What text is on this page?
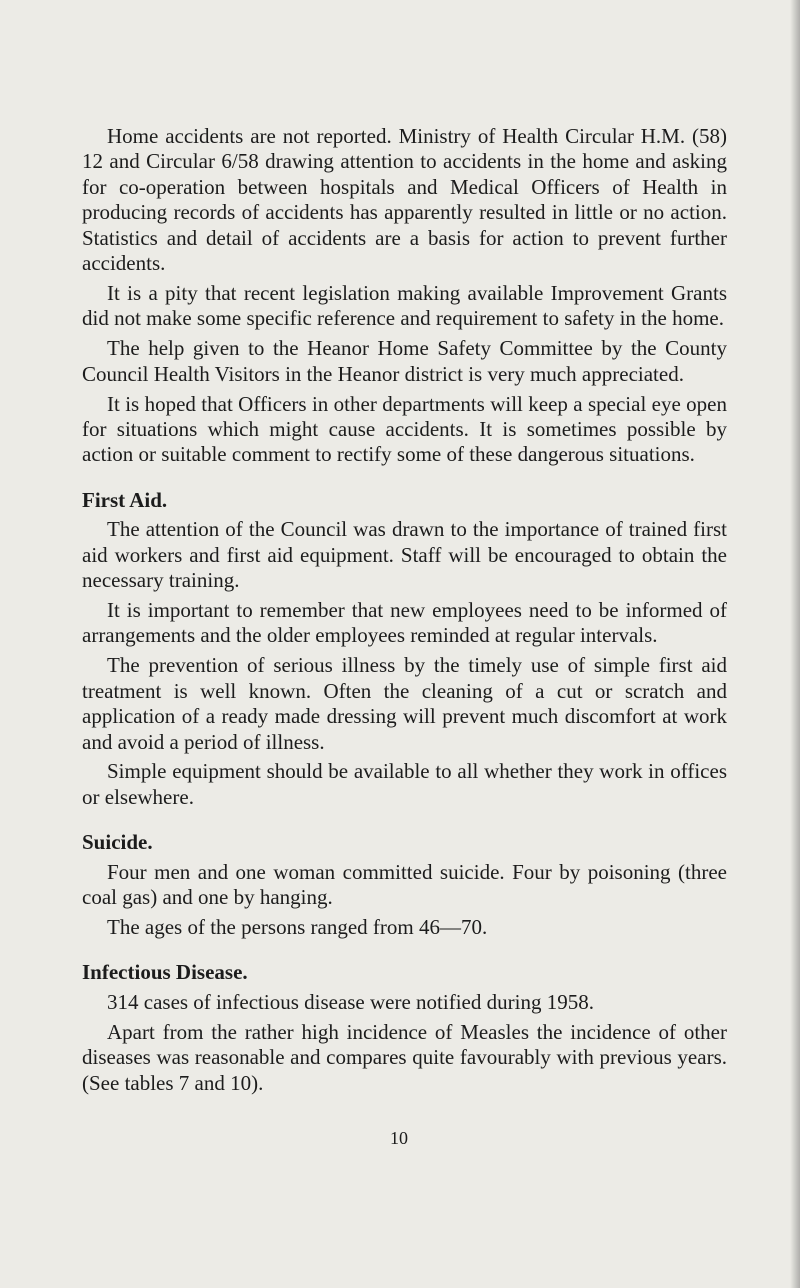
Home accidents are not reported. Ministry of Health Circular H.M. (58) 12 and Circular 6/58 drawing attention to accidents in the home and asking for co-operation between hospitals and Medical Officers of Health in producing records of accidents has apparently resulted in little or no action. Statistics and detail of accidents are a basis for action to prevent further accidents.

It is a pity that recent legislation making available Improvement Grants did not make some specific reference and requirement to safety in the home.

The help given to the Heanor Home Safety Committee by the County Council Health Visitors in the Heanor district is very much appreciated.

It is hoped that Officers in other departments will keep a special eye open for situations which might cause accidents. It is sometimes possible by action or suitable comment to rectify some of these dangerous situations.

First Aid.

The attention of the Council was drawn to the importance of trained first aid workers and first aid equipment. Staff will be encouraged to obtain the necessary training.

It is important to remember that new employees need to be informed of arrangements and the older employees reminded at regular intervals.

The prevention of serious illness by the timely use of simple first aid treatment is well known. Often the cleaning of a cut or scratch and application of a ready made dressing will prevent much discomfort at work and avoid a period of illness.

Simple equipment should be available to all whether they work in offices or elsewhere.

Suicide.

Four men and one woman committed suicide. Four by poisoning (three coal gas) and one by hanging.

The ages of the persons ranged from 46—70.

Infectious Disease.

314 cases of infectious disease were notified during 1958.

Apart from the rather high incidence of Measles the incidence of other diseases was reasonable and compares quite favourably with previous years. (See tables 7 and 10).

10
